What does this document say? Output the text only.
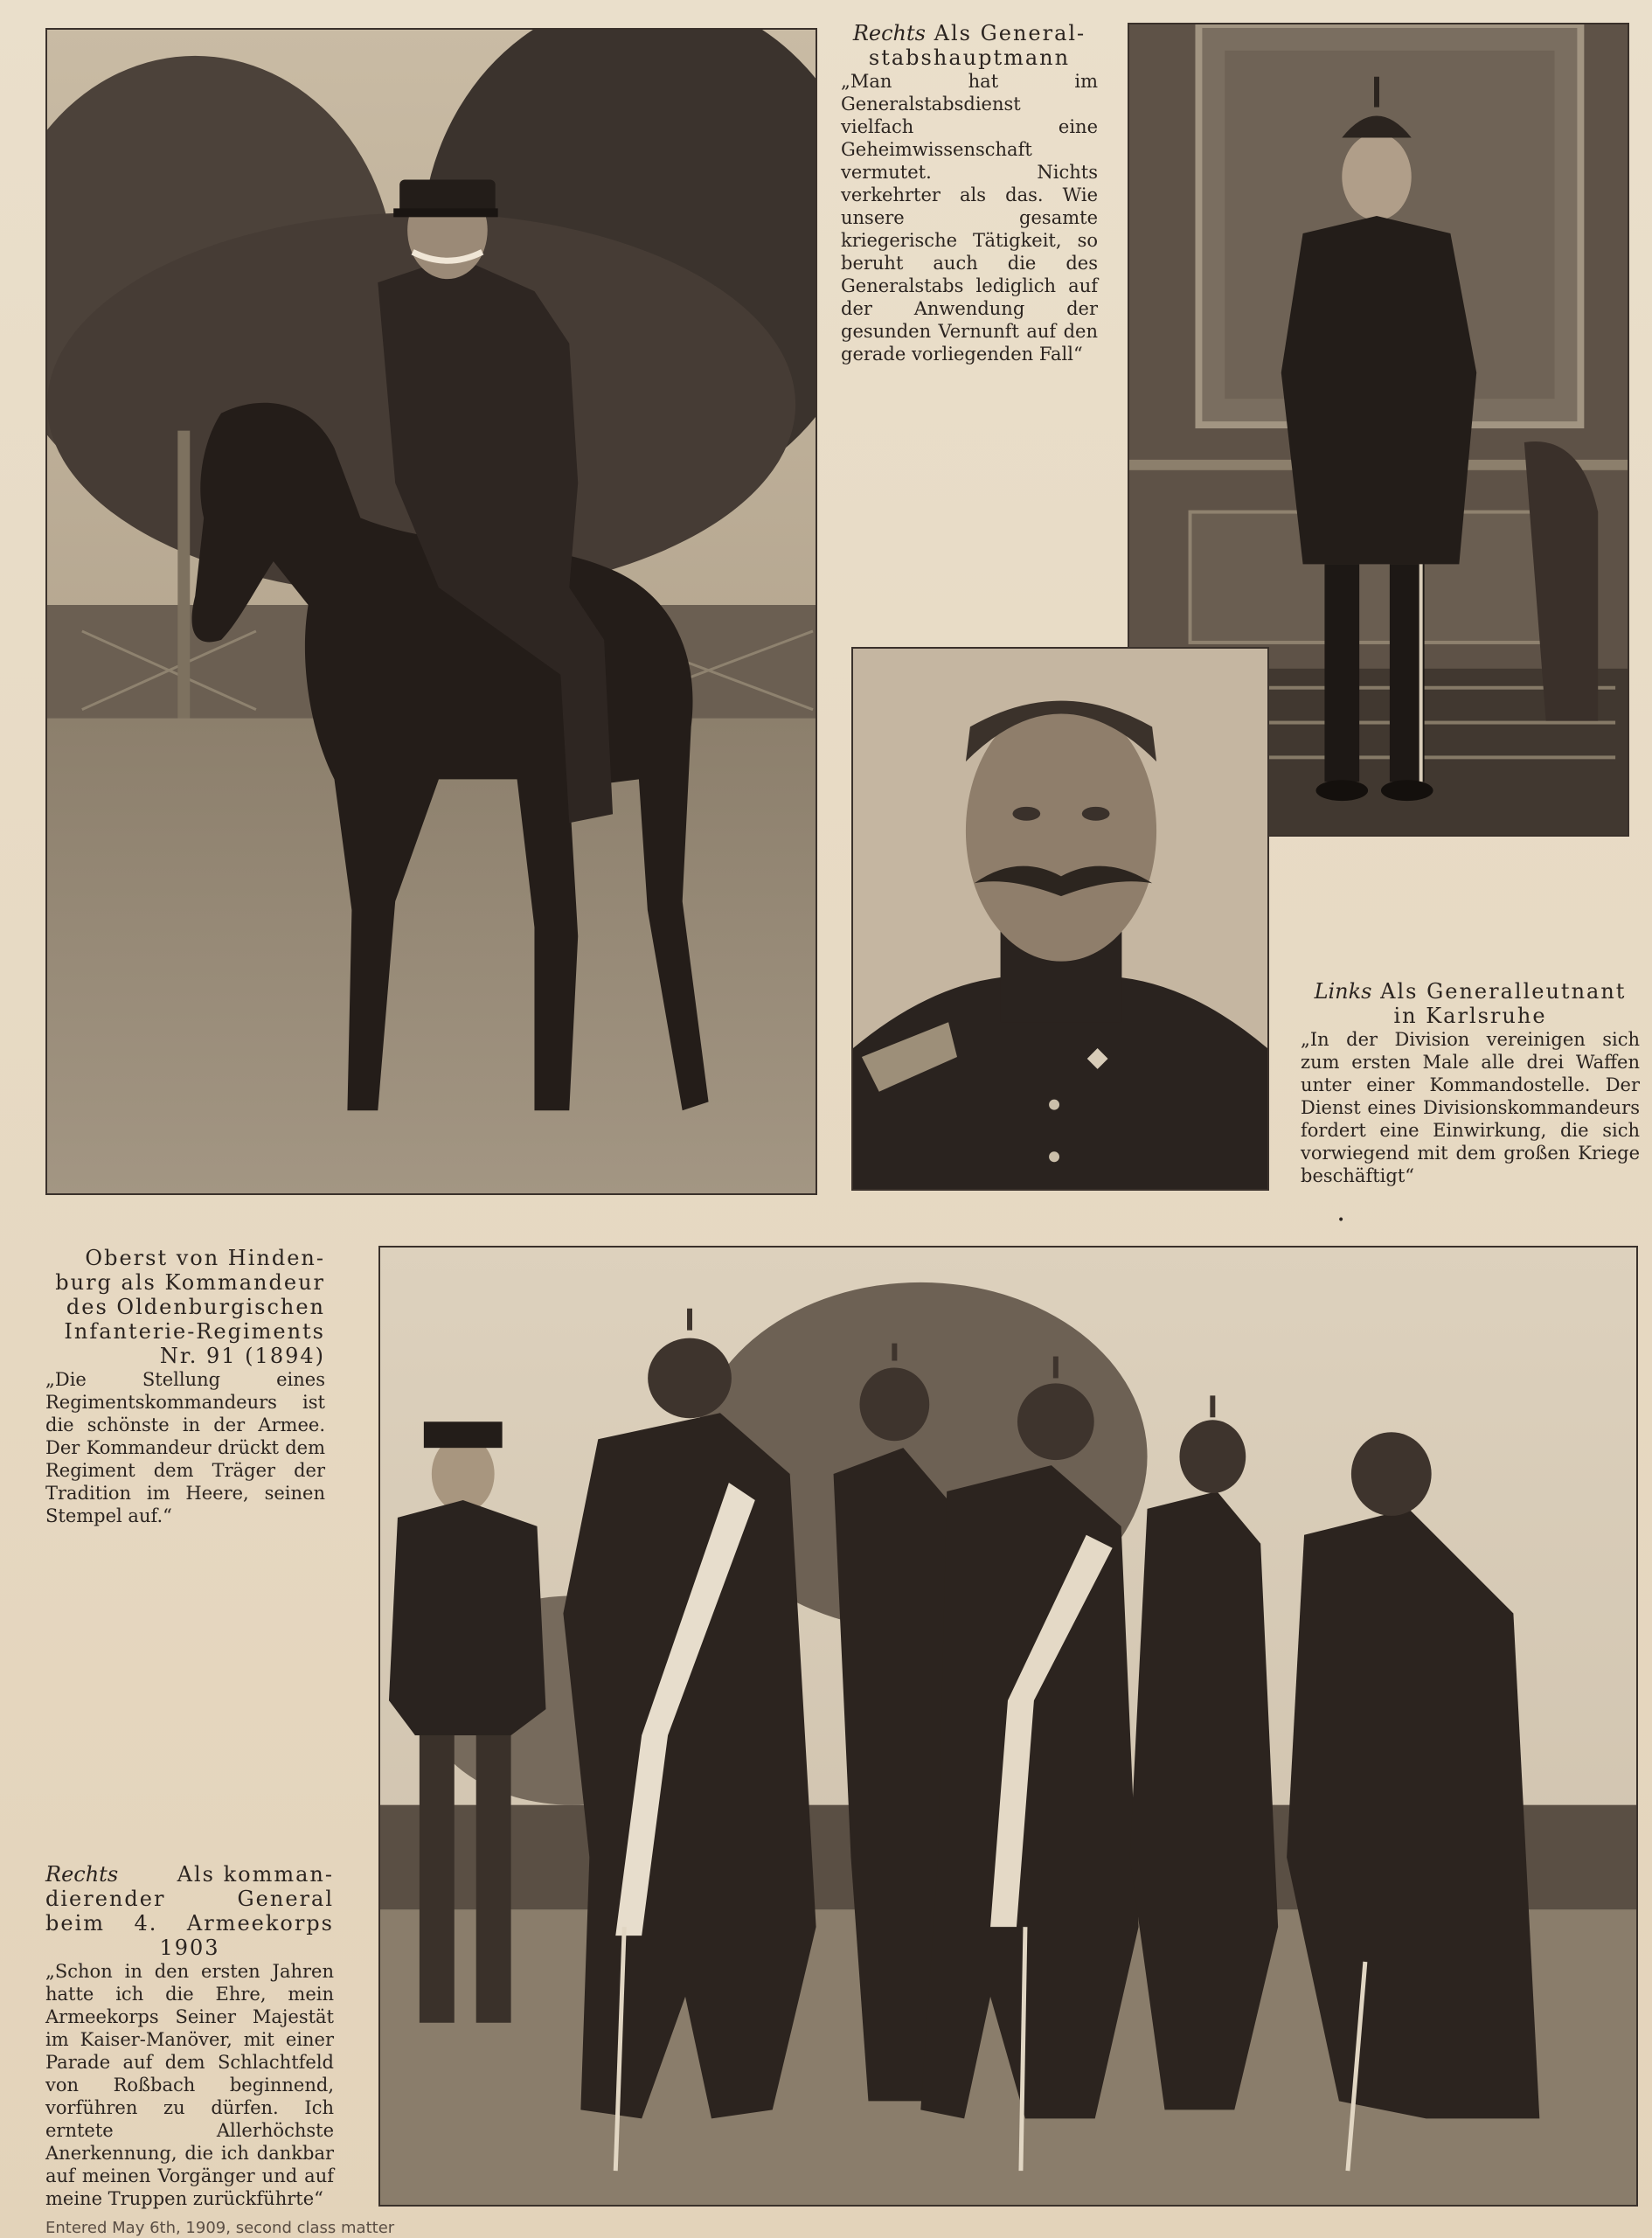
Rechts Als General-
stabshauptmann
„Man hat im Generalstabsdienst vielfach eine Geheimwissenschaft vermutet. Nichts verkehrter als das. Wie unsere gesamte kriegerische Tätigkeit, so beruht auch die des Generalstabs lediglich auf der Anwendung der gesunden Vernunft auf den gerade vorliegenden Fall“
Links Als Generalleutnant
in Karlsruhe
„In der Division vereinigen sich zum ersten Male alle drei Waffen unter einer Kommandostelle. Der Dienst eines Divisionskommandeurs fordert eine Einwirkung, die sich vorwiegend mit dem großen Kriege beschäftigt“
•
Oberst von Hinden-
burg als Kommandeur
des Oldenburgischen
Infanterie-Regiments
Nr. 91 (1894)
„Die Stellung eines Regimentskommandeurs ist die schönste in der Armee. Der Kommandeur drückt dem Regiment dem Träger der Tradition im Heere, seinen Stempel auf.“
Rechts	Als komman-
dierender General
beim 4. Armeekorps
1903
„Schon in den ersten Jahren hatte ich die Ehre, mein Armeekorps Seiner Majestät im Kaiser-Manöver, mit einer Parade auf dem Schlachtfeld von Roßbach beginnend, vorführen zu dürfen. Ich erntete Allerhöchste Anerkennung, die ich dankbar auf meinen Vorgänger und auf meine Truppen zurückführte“
Entered May 6th, 1909, second class matter
